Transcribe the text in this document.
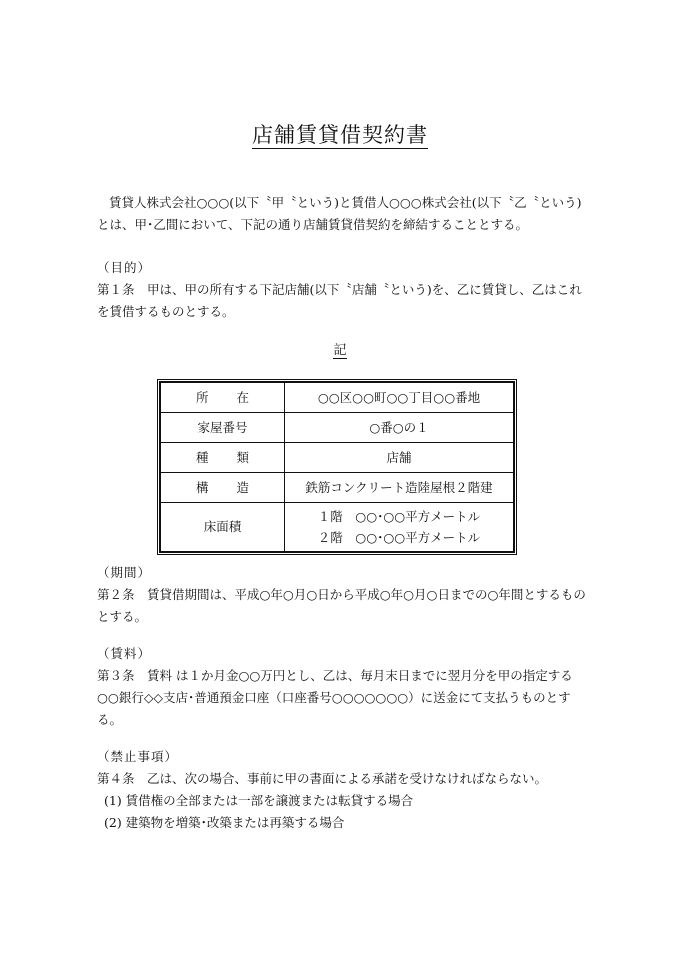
店舗賃貸借契約書
賃貸人株式会社○○○(以下〝甲〝という)と賃借人○○○株式会社(以下〝乙〝という)とは、甲･乙間において、下記の通り店舗賃貸借契約を締結することとする。
（目的）
第１条　甲は、甲の所有する下記店舗(以下〝店舗〝という)を、乙に賃貸し、乙はこれを賃借するものとする。
記
所在	○○区○○町○○丁目○○番地
家屋番号	○番○の１
種類	店舗
構造	鉄筋コンクリート造陸屋根２階建
床面積	１階　○○･○○平方メートル
２階　○○･○○平方メートル
（期間）
第２条　賃貸借期間は、平成○年○月○日から平成○年○月○日までの○年間とするものとする。
（賃料）
第３条　賃料 は１か月金○○万円とし、乙は、毎月末日までに翌月分を甲の指定する○○銀行◇◇支店･普通預金口座（口座番号○○○○○○○）に送金にて支払うものとする。
（禁止事項）
第４条　乙は、次の場合、事前に甲の書面による承諾を受けなければならない。
(1) 賃借権の全部または一部を譲渡または転貸する場合
(2) 建築物を増築･改築または再築する場合
